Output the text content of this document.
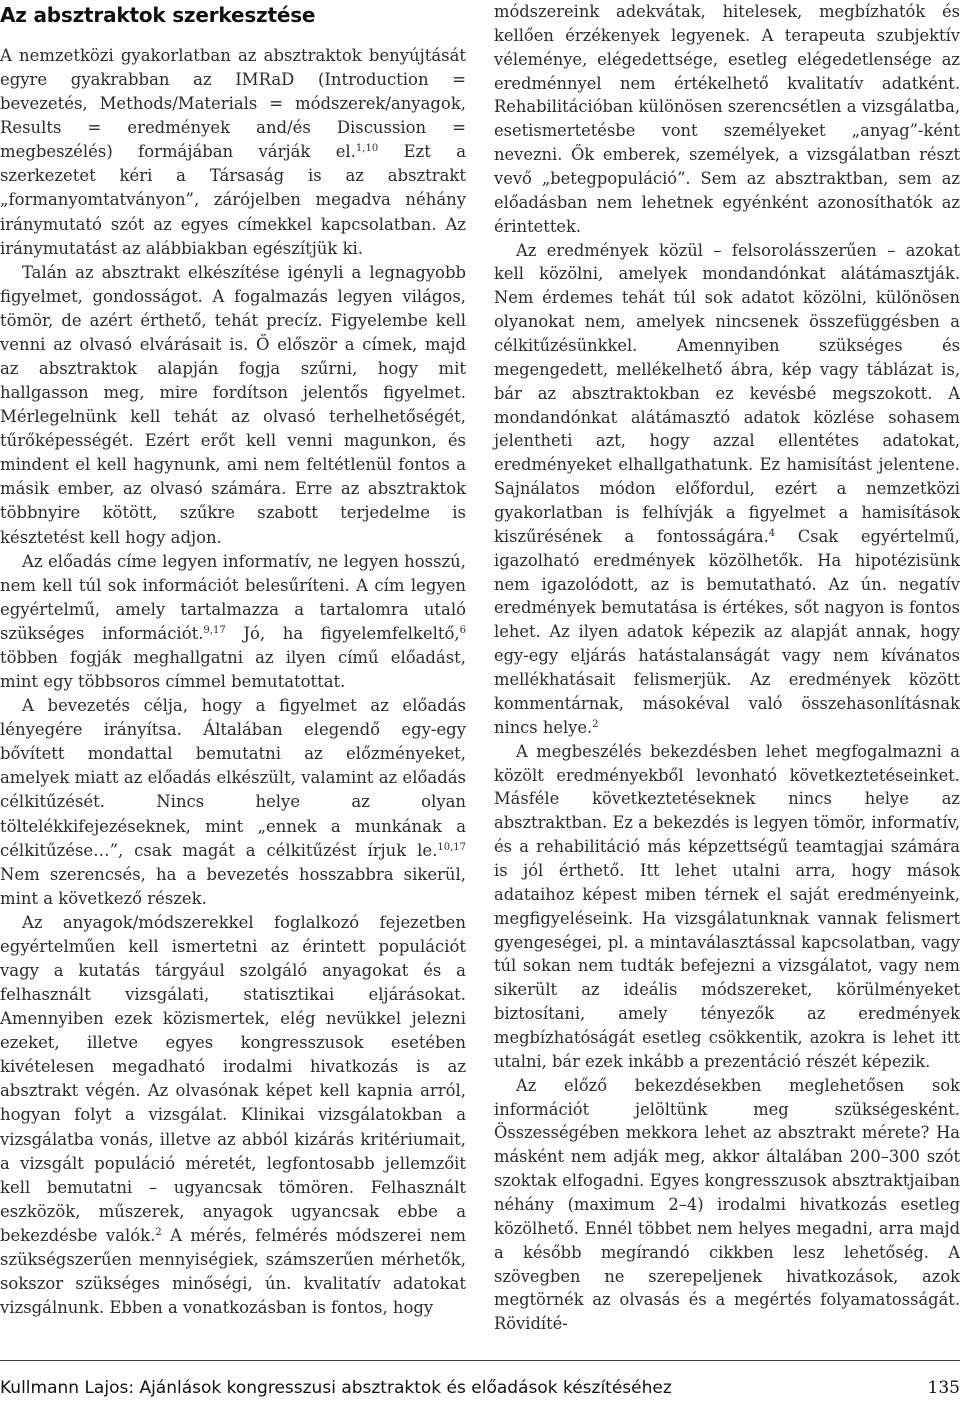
Az absztraktok szerkesztése

A nemzetközi gyakorlatban az absztraktok benyújtását egyre gyakrabban az IMRaD (Introduction = bevezetés, Methods/Materials = módszerek/anyagok, Results = eredmények and/és Discussion = megbeszélés) formájában várják el.$^{1,10}$ Ezt a szerkezetet kéri a Társaság is az absztrakt „formanyomtatványon”, zárójelben megadva néhány iránymutató szót az egyes címekkel kapcsolatban. Az iránymutatást az alábbiakban egészítjük ki.

Talán az absztrakt elkészítése igényli a legnagyobb figyelmet, gondosságot. A fogalmazás legyen világos, tömör, de azért érthető, tehát precíz. Figyelembe kell venni az olvasó elvárásait is. Ő először a címek, majd az absztraktok alapján fogja szűrni, hogy mit hallgasson meg, mire fordítson jelentős figyelmet. Mérlegelnünk kell tehát az olvasó terhelhetőségét, tűrőképességét. Ezért erőt kell venni magunkon, és mindent el kell hagynunk, ami nem feltétlenül fontos a másik ember, az olvasó számára. Erre az absztraktok többnyire kötött, szűkre szabott terjedelme is késztetést kell hogy adjon.

Az előadás címe legyen informatív, ne legyen hosszú, nem kell túl sok információt belesűríteni. A cím legyen egyértelmű, amely tartalmazza a tartalomra utaló szükséges információt.$^{9,17}$ Jó, ha figyelemfelkeltő,$^6$ többen fogják meghallgatni az ilyen című előadást, mint egy többsoros címmel bemutatottat.

A bevezetés célja, hogy a figyelmet az előadás lényegére irányítsa. Általában elegendő egy-egy bővített mondattal bemutatni az előzményeket, amelyek miatt az előadás elkészült, valamint az előadás célkitűzését. Nincs helye az olyan töltelékkifejezéseknek, mint „ennek a munkának a célkitűzése…”, csak magát a célkitűzést írjuk le.$^{10,17}$ Nem szerencsés, ha a bevezetés hosszabbra sikerül, mint a következő részek.

Az anyagok/módszerekkel foglalkozó fejezetben egyértelműen kell ismertetni az érintett populációt vagy a kutatás tárgyául szolgáló anyagokat és a felhasznált vizsgálati, statisztikai eljárásokat. Amennyiben ezek közismertek, elég nevükkel jelezni ezeket, illetve egyes kongresszusok esetében kivételesen megadható irodalmi hivatkozás is az absztrakt végén. Az olvasónak képet kell kapnia arról, hogyan folyt a vizsgálat. Klinikai vizsgálatokban a vizsgálatba vonás, illetve az abból kizárás kritériumait, a vizsgált populáció méretét, legfontosabb jellemzőit kell bemutatni – ugyancsak tömören. Felhasznált eszközök, műszerek, anyagok ugyancsak ebbe a bekezdésbe valók.$^2$ A mérés, felmérés módszerei nem szükségszerűen mennyiségiek, számszerűen mérhetők, sokszor szükséges minőségi, ún. kvalitatív adatokat vizsgálnunk. Ebben a vonatkozásban is fontos, hogy

módszereink adekvátak, hitelesek, megbízhatók és kellően érzékenyek legyenek. A terapeuta szubjektív véleménye, elégedettsége, esetleg elégedetlensége az eredménnyel nem értékelhető kvalitatív adatként. Rehabilitációban különösen szerencsétlen a vizsgálatba, esetismertetésbe vont személyeket „anyag”-ként nevezni. Ők emberek, személyek, a vizsgálatban részt vevő „betegpopuláció”. Sem az absztraktban, sem az előadásban nem lehetnek egyénként azonosíthatók az érintettek.

Az eredmények közül – felsorolásszerűen – azokat kell közölni, amelyek mondandónkat alátámasztják. Nem érdemes tehát túl sok adatot közölni, különösen olyanokat nem, amelyek nincsenek összefüggésben a célkitűzésünkkel. Amennyiben szükséges és megengedett, mellékelhető ábra, kép vagy táblázat is, bár az absztraktokban ez kevésbé megszokott. A mondandónkat alátámasztó adatok közlése sohasem jelentheti azt, hogy azzal ellentétes adatokat, eredményeket elhallgathatunk. Ez hamisítást jelentene. Sajnálatos módon előfordul, ezért a nemzetközi gyakorlatban is felhívják a figyelmet a hamisítások kiszűrésének a fontosságára.$^4$ Csak egyértelmű, igazolható eredmények közölhetők. Ha hipotézisünk nem igazolódott, az is bemutatható. Az ún. negatív eredmények bemutatása is értékes, sőt nagyon is fontos lehet. Az ilyen adatok képezik az alapját annak, hogy egy-egy eljárás hatástalanságát vagy nem kívánatos mellékhatásait felismerjük. Az eredmények között kommentárnak, másokéval való összehasonlításnak nincs helye.$^2$

A megbeszélés bekezdésben lehet megfogalmazni a közölt eredményekből levonható következtetéseinket. Másféle következtetéseknek nincs helye az absztraktban. Ez a bekezdés is legyen tömör, informatív, és a rehabilitáció más képzettségű teamtagjai számára is jól érthető. Itt lehet utalni arra, hogy mások adataihoz képest miben térnek el saját eredményeink, megfigyeléseink. Ha vizsgálatunknak vannak felismert gyengeségei, pl. a mintaválasztással kapcsolatban, vagy túl sokan nem tudták befejezni a vizsgálatot, vagy nem sikerült az ideális módszereket, körülményeket biztosítani, amely tényezők az eredmények megbízhatóságát esetleg csökkentik, azokra is lehet itt utalni, bár ezek inkább a prezentáció részét képezik.

Az előző bekezdésekben meglehetősen sok információt jelöltünk meg szükségesként. Összességében mekkora lehet az absztrakt mérete? Ha másként nem adják meg, akkor általában 200–300 szót szoktak elfogadni. Egyes kongresszusok absztraktjaiban néhány (maximum 2–4) irodalmi hivatkozás esetleg közölhető. Ennél többet nem helyes megadni, arra majd a később megírandó cikkben lesz lehetőség. A szövegben ne szerepeljenek hivatkozások, azok megtörnék az olvasás és a megértés folyamatosságát. Rövidíté-

Kullmann Lajos: Ajánlások kongresszusi absztraktok és előadások készítéséhez	135
